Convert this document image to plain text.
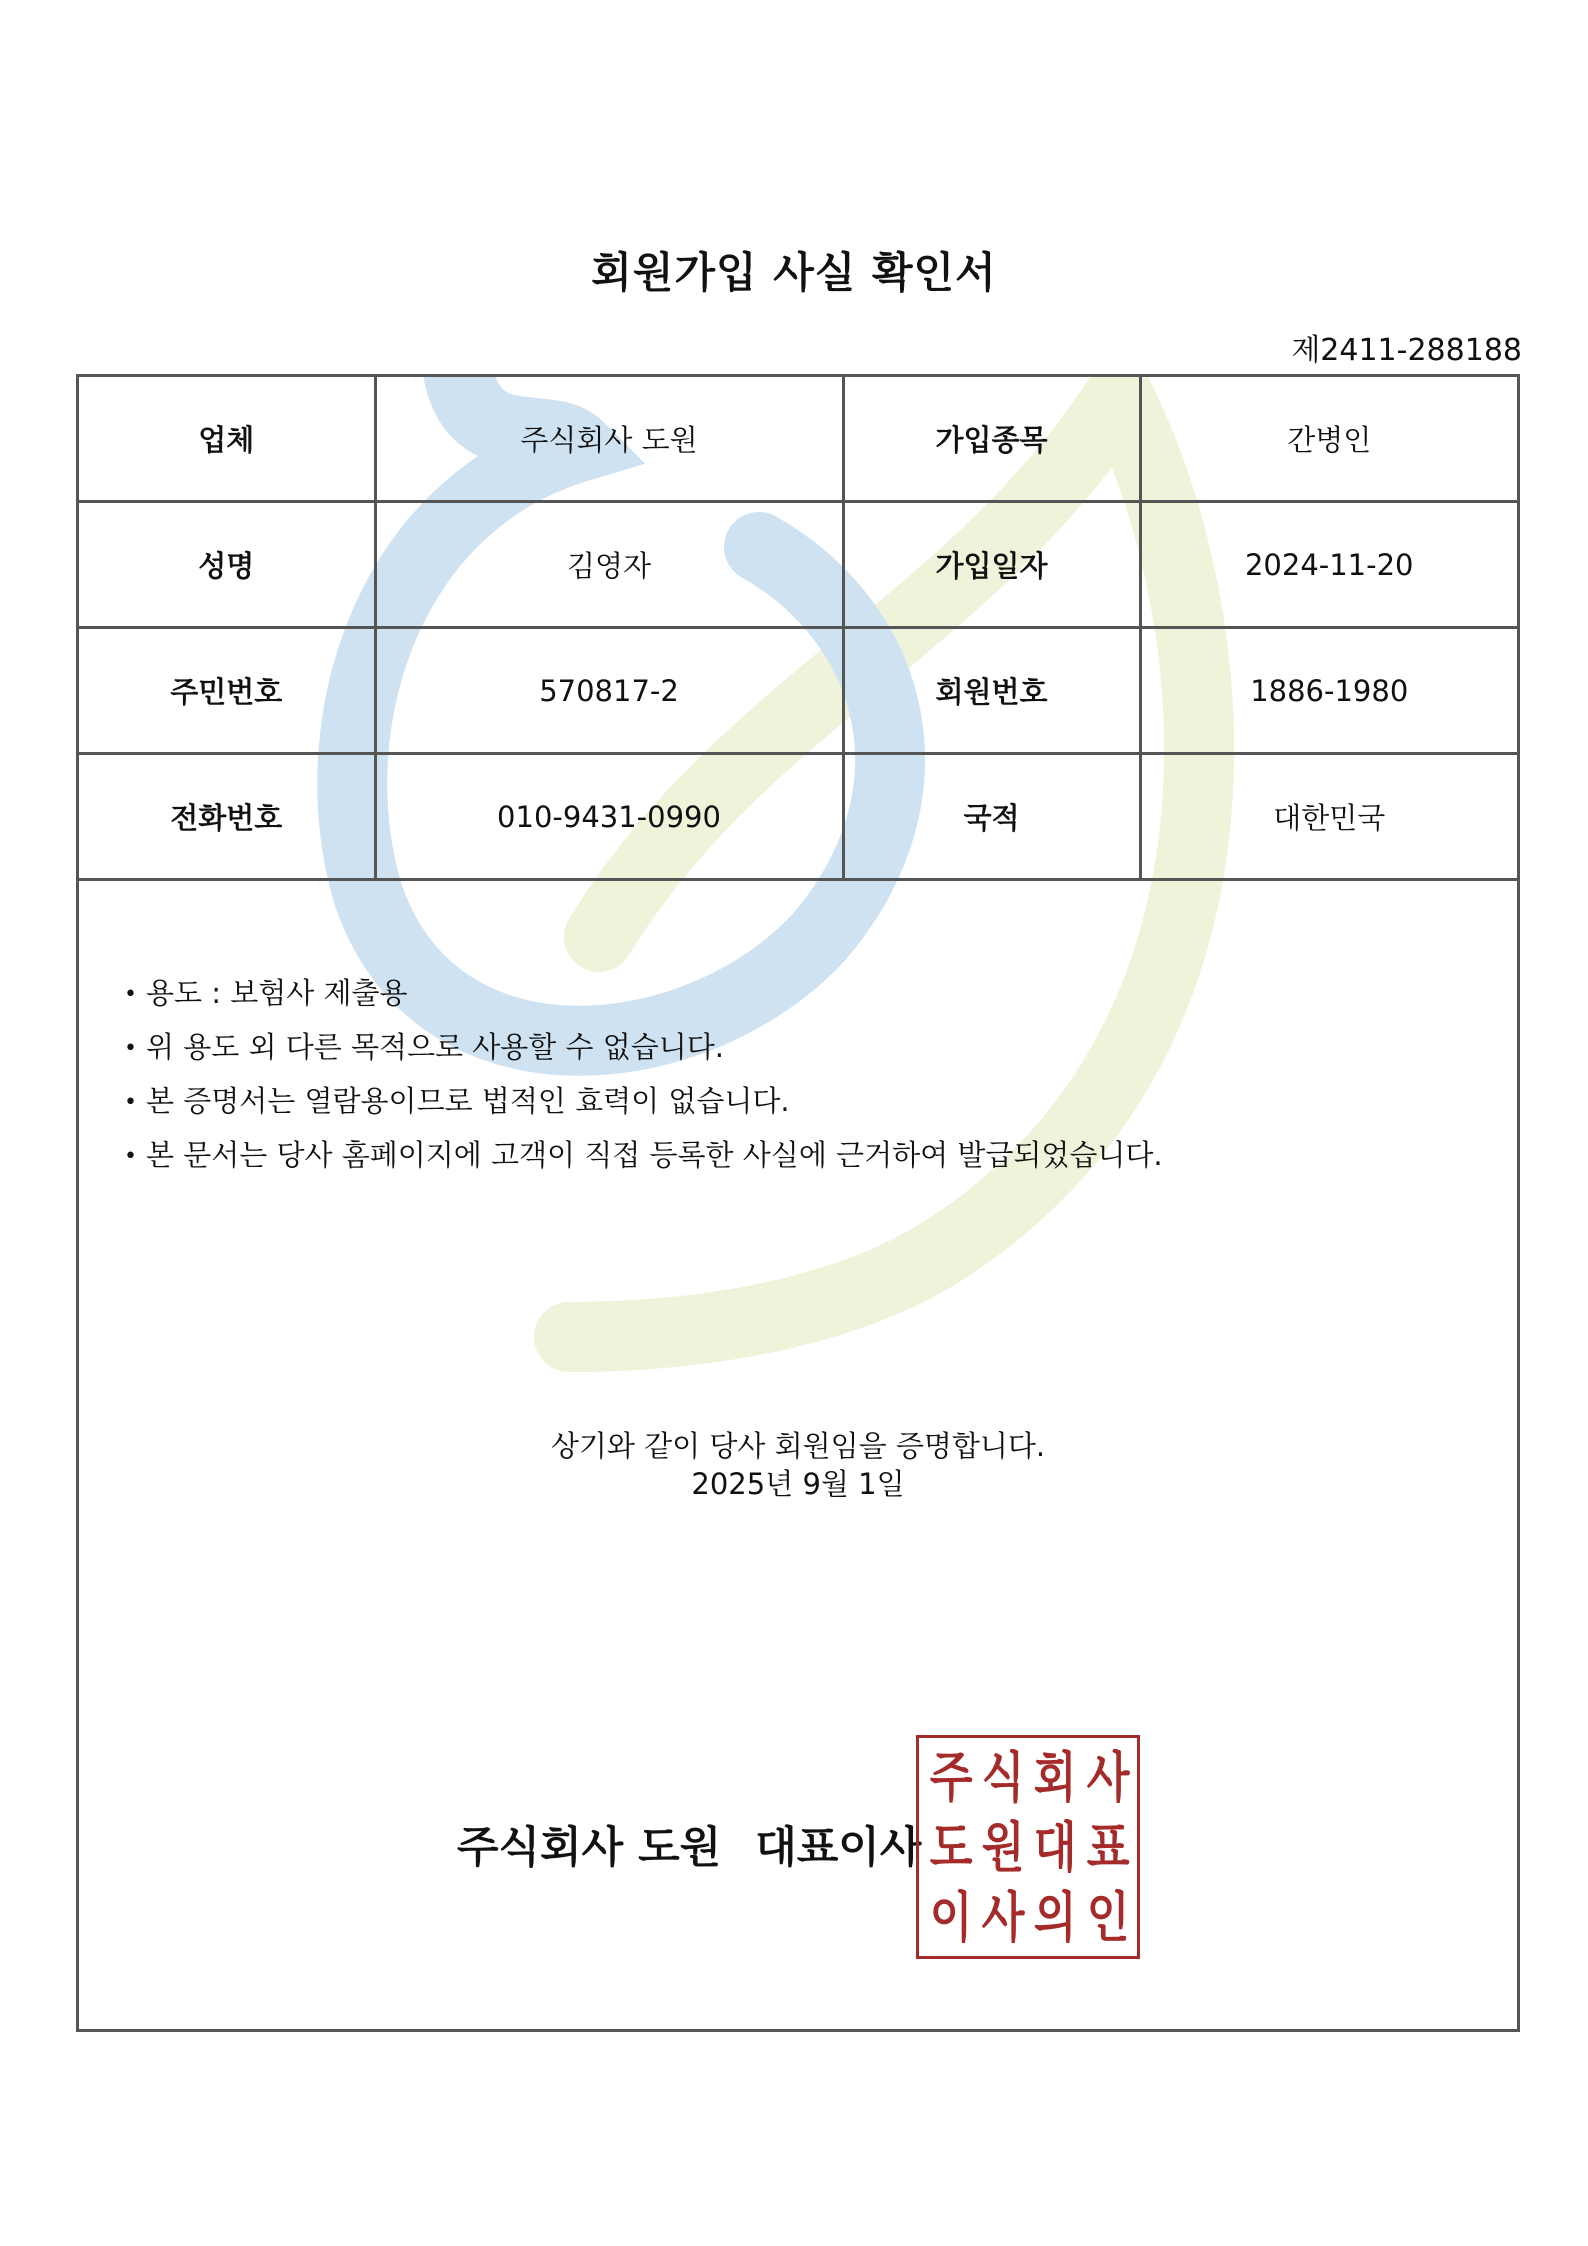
회원가입 사실 확인서
제2411-288188
업체	주식회사 도원	가입종목	간병인
성명	김영자	가입일자	2024-11-20
주민번호	570817-2	회원번호	1886-1980
전화번호	010-9431-0990	국적	대한민국
• 용도 : 보험사 제출용
• 위 용도 외 다른 목적으로 사용할 수 없습니다.
• 본 증명서는 열람용이므로 법적인 효력이 없습니다.
• 본 문서는 당사 홈페이지에 고객이 직접 등록한 사실에 근거하여 발급되었습니다.
상기와 같이 당사 회원임을 증명합니다.
2025년 9월 1일
주식회사 도원 대표이사
주 식 회 사
도 원 대 표
이 사 의 인
